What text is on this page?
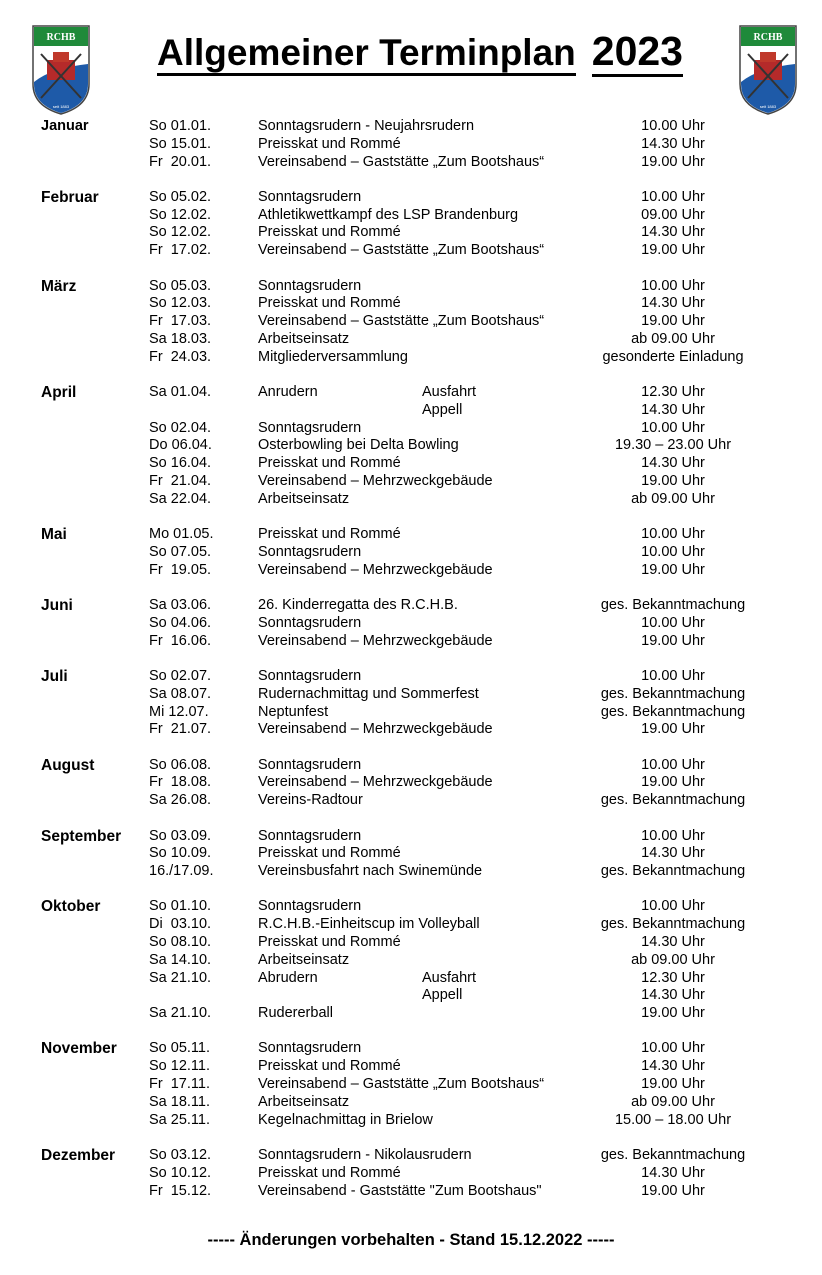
RCHB
seit 1883
RCHB
seit 1883
Allgemeiner Terminplan 2023
Januar	So 01.01.	Sonntagsrudern - Neujahrsrudern	10.00 Uhr
So 15.01.	Preisskat und Rommé	14.30 Uhr
Fr  20.01.	Vereinsabend – Gaststätte „Zum Bootshaus“	19.00 Uhr
Februar	So 05.02.	Sonntagsrudern	10.00 Uhr
So 12.02.	Athletikwettkampf des LSP Brandenburg	09.00 Uhr
So 12.02.	Preisskat und Rommé	14.30 Uhr
Fr  17.02.	Vereinsabend – Gaststätte „Zum Bootshaus“	19.00 Uhr
März	So 05.03.	Sonntagsrudern	10.00 Uhr
So 12.03.	Preisskat und Rommé	14.30 Uhr
Fr  17.03.	Vereinsabend – Gaststätte „Zum Bootshaus“	19.00 Uhr
Sa 18.03.	Arbeitseinsatz	ab 09.00 Uhr
Fr  24.03.	Mitgliederversammlung	gesonderte Einladung
April	Sa 01.04.	Anrudern	Ausfahrt	12.30 Uhr
Appell	14.30 Uhr
So 02.04.	Sonntagsrudern	10.00 Uhr
Do 06.04.	Osterbowling bei Delta Bowling	19.30 – 23.00 Uhr
So 16.04.	Preisskat und Rommé	14.30 Uhr
Fr  21.04.	Vereinsabend – Mehrzweckgebäude	19.00 Uhr
Sa 22.04.	Arbeitseinsatz	ab 09.00 Uhr
Mai	Mo 01.05.	Preisskat und Rommé	10.00 Uhr
So 07.05.	Sonntagsrudern	10.00 Uhr
Fr  19.05.	Vereinsabend – Mehrzweckgebäude	19.00 Uhr
Juni	Sa 03.06.	26. Kinderregatta des R.C.H.B.	ges. Bekanntmachung
So 04.06.	Sonntagsrudern	10.00 Uhr
Fr  16.06.	Vereinsabend – Mehrzweckgebäude	19.00 Uhr
Juli	So 02.07.	Sonntagsrudern	10.00 Uhr
Sa 08.07.	Rudernachmittag und Sommerfest	ges. Bekanntmachung
Mi 12.07.	Neptunfest	ges. Bekanntmachung
Fr  21.07.	Vereinsabend – Mehrzweckgebäude	19.00 Uhr
August	So 06.08.	Sonntagsrudern	10.00 Uhr
Fr  18.08.	Vereinsabend – Mehrzweckgebäude	19.00 Uhr
Sa 26.08.	Vereins-Radtour	ges. Bekanntmachung
September So 03.09.	Sonntagsrudern	10.00 Uhr
So 10.09.	Preisskat und Rommé	14.30 Uhr
16./17.09.	Vereinsbusfahrt nach Swinemünde	ges. Bekanntmachung
Oktober	So 01.10.	Sonntagsrudern	10.00 Uhr
Di  03.10.	R.C.H.B.-Einheitscup im Volleyball	ges. Bekanntmachung
So 08.10.	Preisskat und Rommé	14.30 Uhr
Sa 14.10.	Arbeitseinsatz	ab 09.00 Uhr
Sa 21.10.	Abrudern	Ausfahrt	12.30 Uhr
Appell	14.30 Uhr
Sa 21.10.	Rudererball	19.00 Uhr
November So 05.11.	Sonntagsrudern	10.00 Uhr
So 12.11.	Preisskat und Rommé	14.30 Uhr
Fr  17.11.	Vereinsabend – Gaststätte „Zum Bootshaus“	19.00 Uhr
Sa 18.11.	Arbeitseinsatz	ab 09.00 Uhr
Sa 25.11.	Kegelnachmittag in Brielow	15.00 – 18.00 Uhr
Dezember So 03.12.	Sonntagsrudern - Nikolausrudern	ges. Bekanntmachung
So 10.12.	Preisskat und Rommé	14.30 Uhr
Fr  15.12.	Vereinsabend - Gaststätte "Zum Bootshaus"	19.00 Uhr
----- Änderungen vorbehalten - Stand 15.12.2022 -----
